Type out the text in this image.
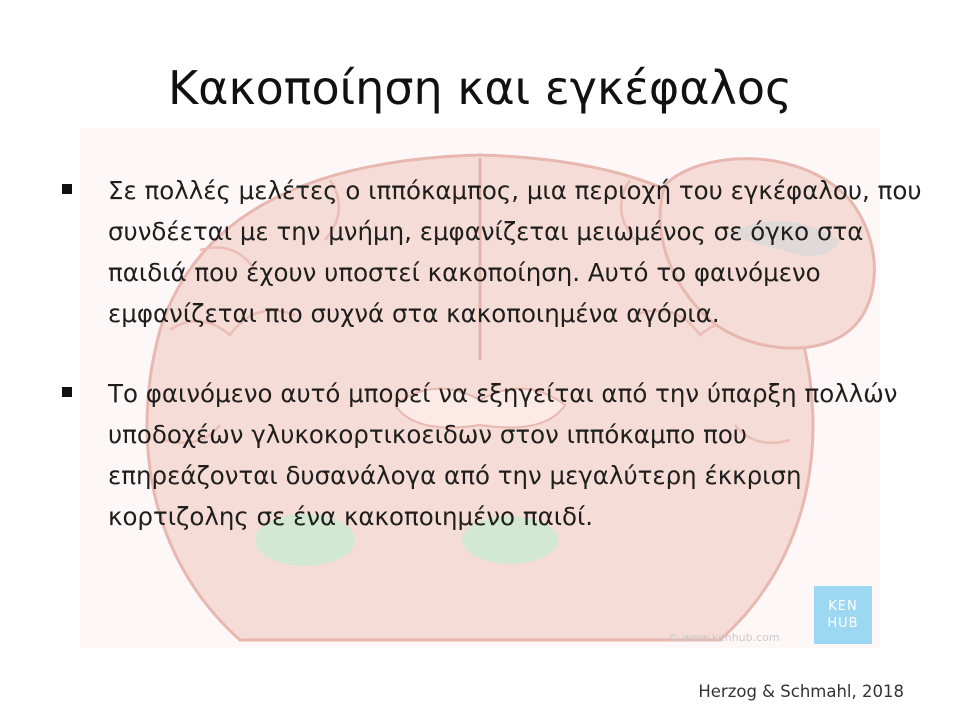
Κακοποίηση και εγκέφαλος
Σε πολλές μελέτες ο ιππόκαμπος, μια περιοχή του εγκέφαλου, που συνδέεται με την μνήμη, εμφανίζεται μειωμένος σε όγκο στα παιδιά που έχουν υποστεί κακοποίηση. Αυτό το φαινόμενο εμφανίζεται πιο συχνά στα κακοποιημένα αγόρια.
Το φαινόμενο αυτό μπορεί να εξηγείται από την ύπαρξη πολλών υποδοχέων γλυκοκορτικοειδων στον ιππόκαμπο που επηρεάζονται δυσανάλογα από την μεγαλύτερη έκκριση κορτιζολης σε ένα κακοποιημένο παιδί.
KEN
HUB
© www.kenhub.com
Herzog & Schmahl, 2018
